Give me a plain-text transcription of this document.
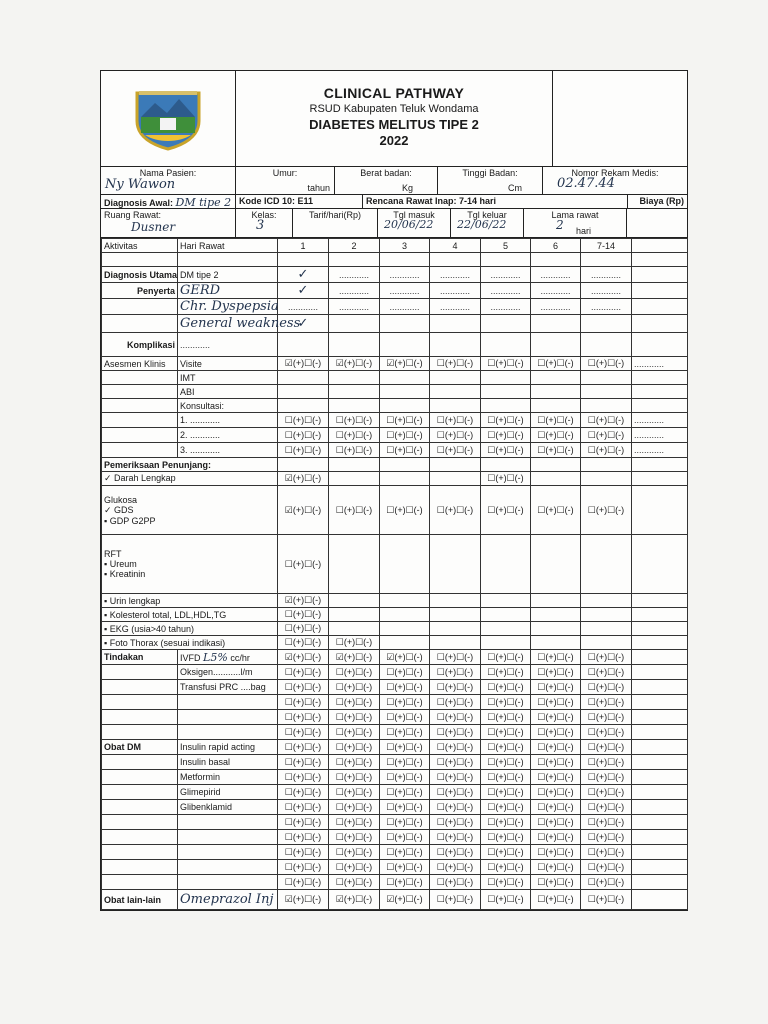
CLINICAL PATHWAY
RSUD Kabupaten Teluk Wondama
DIABETES MELITUS TIPE 2
2022
Nama Pasien:
Ny Wawon
Umur:
tahun
Berat badan:
Kg
Tinggi Badan:
Cm
Nomor Rekam Medis:
02.47.44
Diagnosis Awal: DM tipe 2 Kode ICD 10: E11	Rencana Rawat Inap: 7-14 hari	Biaya (Rp)
Ruang Rawat:
Dusner
Kelas:
3
Tarif/hari(Rp)	Tgl masuk
20/06/22
Tgl keluar
22/06/22
Lama rawat
2 hari
Aktivitas	Hari Rawat	1	2	3	4	5	6	7-14	

Diagnosis Utama	DM tipe 2	✓	............	............	............	............	............	............	
Penyerta	GERD	✓	............	............	............	............	............	............	
	Chr. Dyspepsia	............	............	............	............	............	............	............	
	General weakness	✓							
Komplikasi	............								
Asesmen Klinis	Visite	☑(+)☐(-)	☑(+)☐(-)	☑(+)☐(-)	☐(+)☐(-)	☐(+)☐(-)	☐(+)☐(-)	☐(+)☐(-)	............
	IMT								
	ABI								
	Konsultasi:								
	1. ............	☐(+)☐(-)	☐(+)☐(-)	☐(+)☐(-)	☐(+)☐(-)	☐(+)☐(-)	☐(+)☐(-)	☐(+)☐(-)	............
	2. ............	☐(+)☐(-)	☐(+)☐(-)	☐(+)☐(-)	☐(+)☐(-)	☐(+)☐(-)	☐(+)☐(-)	☐(+)☐(-)	............
	3. ............	☐(+)☐(-)	☐(+)☐(-)	☐(+)☐(-)	☐(+)☐(-)	☐(+)☐(-)	☐(+)☐(-)	☐(+)☐(-)	............
Pemeriksaan Penunjang:									
✓ Darah Lengkap		☑(+)☐(-)				☐(+)☐(-)			

Glukosa
✓ GDS
▪ GDP G2PP		☑(+)☐(-)	☐(+)☐(-)	☐(+)☐(-)	☐(+)☐(-)	☐(+)☐(-)	☐(+)☐(-)	☐(+)☐(-)	

RFT
▪ Ureum
▪ Kreatinin		☐(+)☐(-)							
▪ Urin lengkap		☑(+)☐(-)							
▪ Kolesterol total, LDL,HDL,TG		☐(+)☐(-)							
▪ EKG (usia>40 tahun)		☐(+)☐(-)							
▪ Foto Thorax (sesuai indikasi)		☐(+)☐(-)	☐(+)☐(-)						
Tindakan	IVFD L5% cc/hr	☑(+)☐(-)	☑(+)☐(-)	☑(+)☐(-)	☐(+)☐(-)	☐(+)☐(-)	☐(+)☐(-)	☐(+)☐(-)	
	Oksigen...........l/m	☐(+)☐(-)	☐(+)☐(-)	☐(+)☐(-)	☐(+)☐(-)	☐(+)☐(-)	☐(+)☐(-)	☐(+)☐(-)	
	Transfusi PRC ....bag	☐(+)☐(-)	☐(+)☐(-)	☐(+)☐(-)	☐(+)☐(-)	☐(+)☐(-)	☐(+)☐(-)	☐(+)☐(-)	
		☐(+)☐(-)	☐(+)☐(-)	☐(+)☐(-)	☐(+)☐(-)	☐(+)☐(-)	☐(+)☐(-)	☐(+)☐(-)	
		☐(+)☐(-)	☐(+)☐(-)	☐(+)☐(-)	☐(+)☐(-)	☐(+)☐(-)	☐(+)☐(-)	☐(+)☐(-)	
		☐(+)☐(-)	☐(+)☐(-)	☐(+)☐(-)	☐(+)☐(-)	☐(+)☐(-)	☐(+)☐(-)	☐(+)☐(-)	
Obat DM	Insulin rapid acting	☐(+)☐(-)	☐(+)☐(-)	☐(+)☐(-)	☐(+)☐(-)	☐(+)☐(-)	☐(+)☐(-)	☐(+)☐(-)	
	Insulin basal	☐(+)☐(-)	☐(+)☐(-)	☐(+)☐(-)	☐(+)☐(-)	☐(+)☐(-)	☐(+)☐(-)	☐(+)☐(-)	
	Metformin	☐(+)☐(-)	☐(+)☐(-)	☐(+)☐(-)	☐(+)☐(-)	☐(+)☐(-)	☐(+)☐(-)	☐(+)☐(-)	
	Glimepirid	☐(+)☐(-)	☐(+)☐(-)	☐(+)☐(-)	☐(+)☐(-)	☐(+)☐(-)	☐(+)☐(-)	☐(+)☐(-)	
	Glibenklamid	☐(+)☐(-)	☐(+)☐(-)	☐(+)☐(-)	☐(+)☐(-)	☐(+)☐(-)	☐(+)☐(-)	☐(+)☐(-)	
		☐(+)☐(-)	☐(+)☐(-)	☐(+)☐(-)	☐(+)☐(-)	☐(+)☐(-)	☐(+)☐(-)	☐(+)☐(-)	
		☐(+)☐(-)	☐(+)☐(-)	☐(+)☐(-)	☐(+)☐(-)	☐(+)☐(-)	☐(+)☐(-)	☐(+)☐(-)	
		☐(+)☐(-)	☐(+)☐(-)	☐(+)☐(-)	☐(+)☐(-)	☐(+)☐(-)	☐(+)☐(-)	☐(+)☐(-)	
		☐(+)☐(-)	☐(+)☐(-)	☐(+)☐(-)	☐(+)☐(-)	☐(+)☐(-)	☐(+)☐(-)	☐(+)☐(-)	
		☐(+)☐(-)	☐(+)☐(-)	☐(+)☐(-)	☐(+)☐(-)	☐(+)☐(-)	☐(+)☐(-)	☐(+)☐(-)	
Obat lain-lain	Omeprazol Inj	☑(+)☐(-)	☑(+)☐(-)	☑(+)☐(-)	☐(+)☐(-)	☐(+)☐(-)	☐(+)☐(-)	☐(+)☐(-)	
